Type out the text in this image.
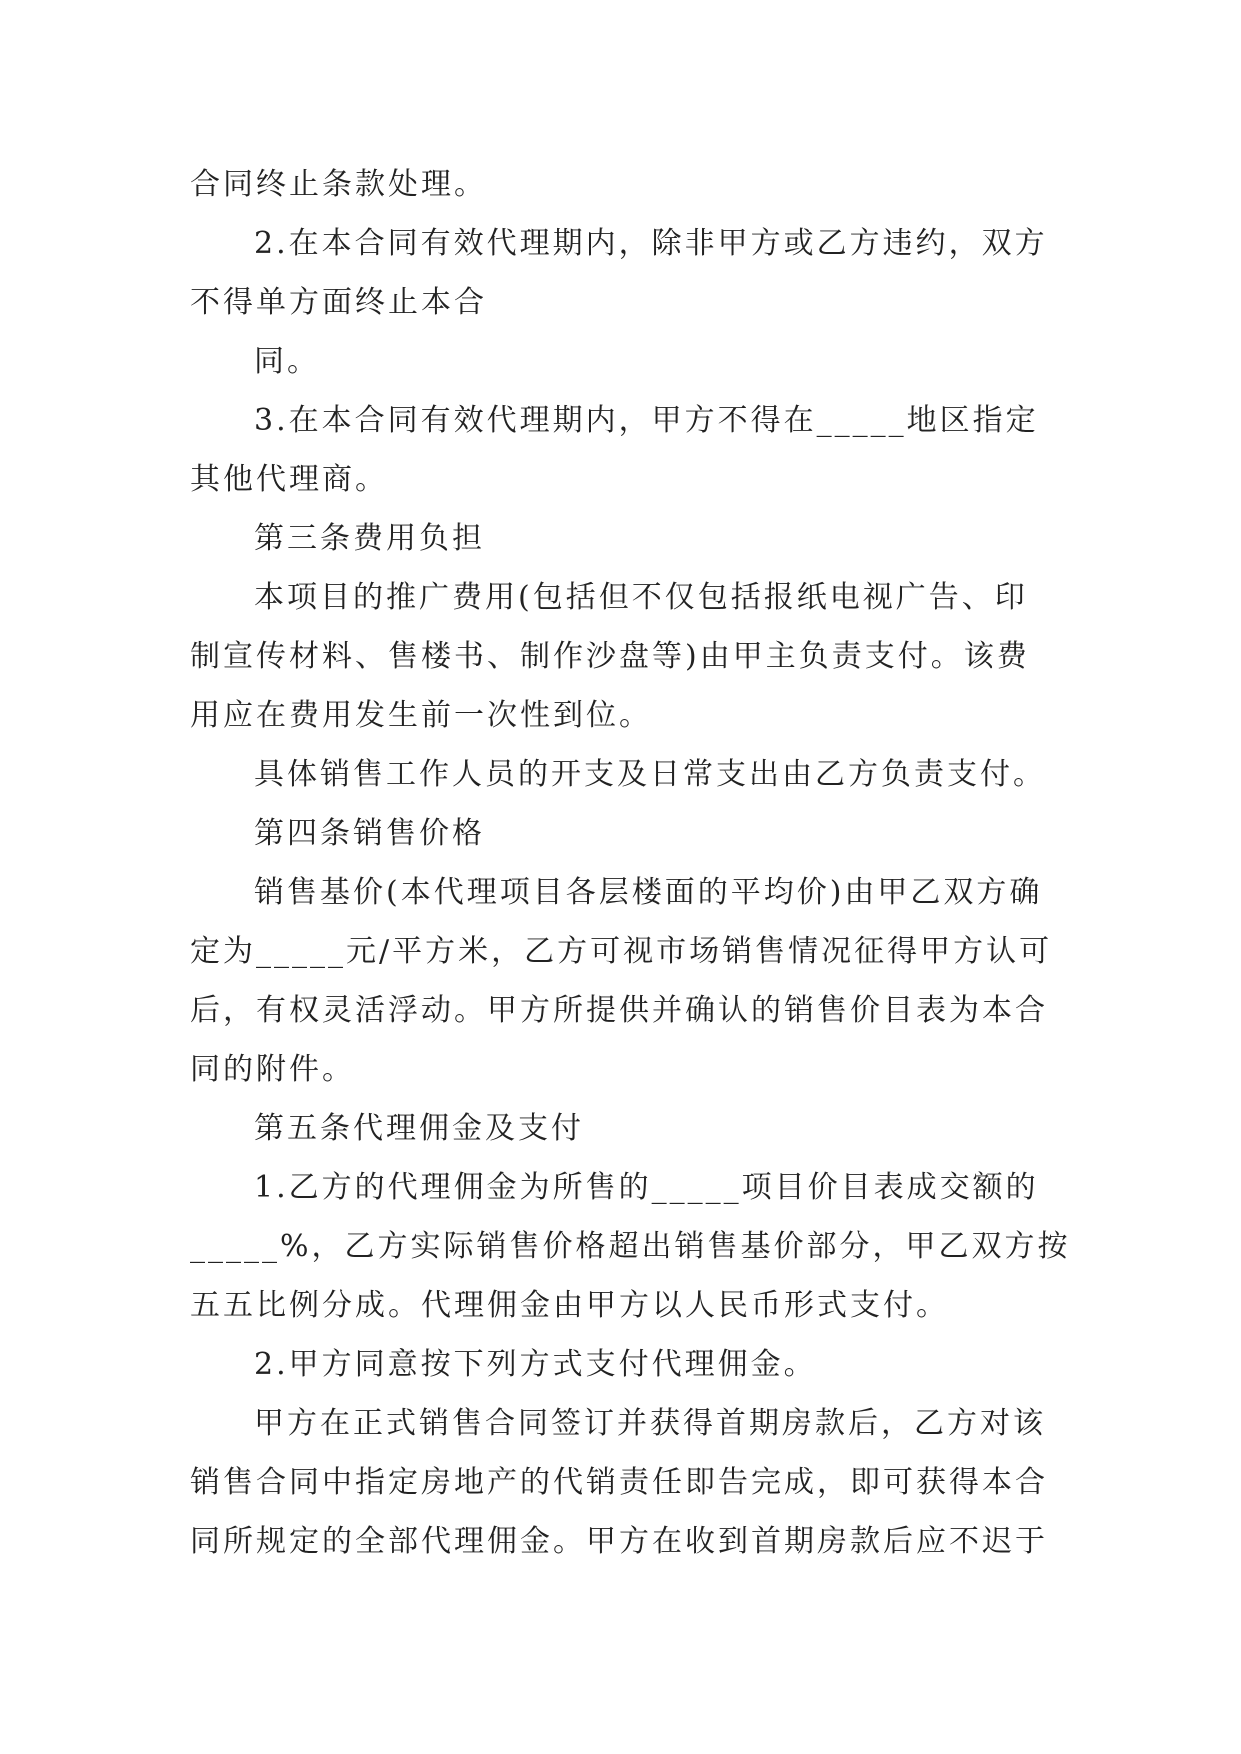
合同终止条款处理。
2.在本合同有效代理期内，除非甲方或乙方违约，双方
不得单方面终止本合
同。
3.在本合同有效代理期内，甲方不得在_____地区指定
其他代理商。
第三条费用负担
本项目的推广费用(包括但不仅包括报纸电视广告、印
制宣传材料、售楼书、制作沙盘等)由甲主负责支付。该费
用应在费用发生前一次性到位。
具体销售工作人员的开支及日常支出由乙方负责支付。
第四条销售价格
销售基价(本代理项目各层楼面的平均价)由甲乙双方确
定为_____元/平方米，乙方可视市场销售情况征得甲方认可
后，有权灵活浮动。甲方所提供并确认的销售价目表为本合
同的附件。
第五条代理佣金及支付
1.乙方的代理佣金为所售的_____项目价目表成交额的
_____%，乙方实际销售价格超出销售基价部分，甲乙双方按
五五比例分成。代理佣金由甲方以人民币形式支付。
2.甲方同意按下列方式支付代理佣金。
甲方在正式销售合同签订并获得首期房款后，乙方对该
销售合同中指定房地产的代销责任即告完成，即可获得本合
同所规定的全部代理佣金。甲方在收到首期房款后应不迟于
